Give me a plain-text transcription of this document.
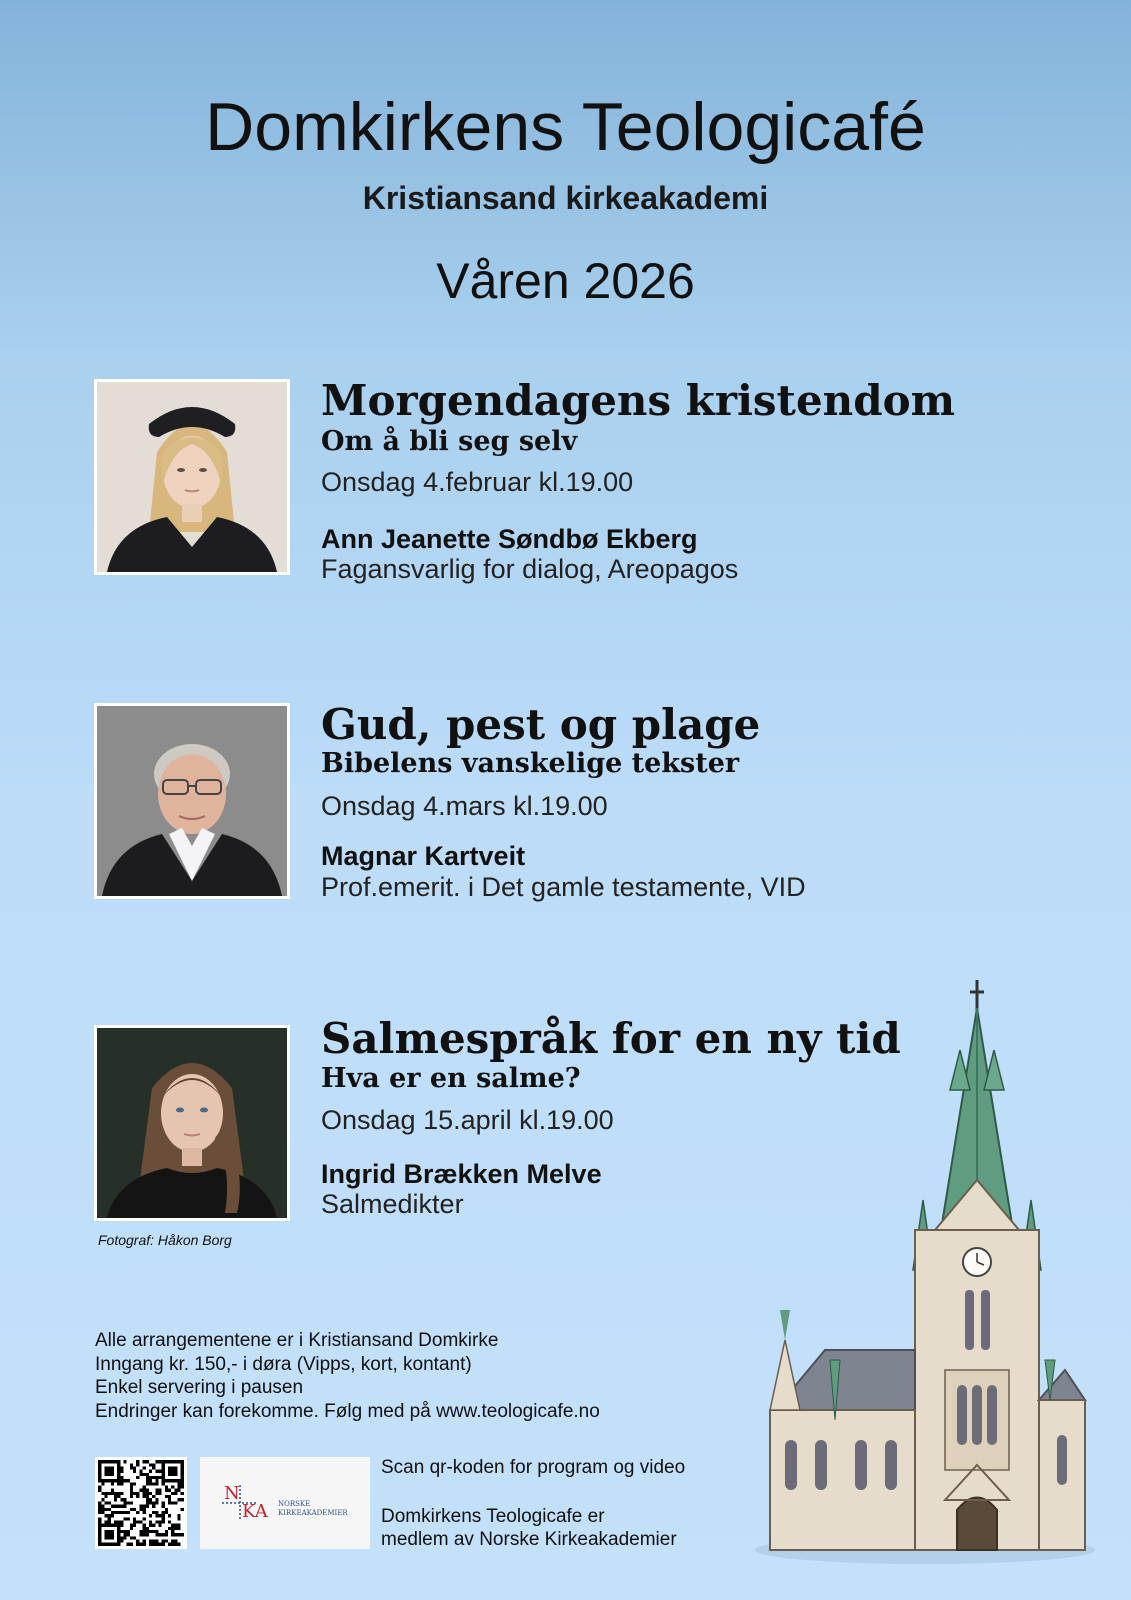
Domkirkens Teologicafé
Kristiansand kirkeakademi
Våren 2026
Morgendagens kristendom
Om å bli seg selv
Onsdag 4.februar kl.19.00
Ann Jeanette Søndbø Ekberg
Fagansvarlig for dialog, Areopagos
Gud, pest og plage
Bibelens vanskelige tekster
Onsdag 4.mars kl.19.00
Magnar Kartveit
Prof.emerit. i Det gamle testamente, VID
Salmespråk for en ny tid
Hva er en salme?
Onsdag 15.april kl.19.00
Ingrid Brækken Melve
Salmedikter
Fotograf: Håkon Borg
Alle arrangementene er i Kristiansand Domkirke
Inngang kr. 150,- i døra (Vipps, kort, kontant)
Enkel servering i pausen
Endringer kan forekomme. Følg med på www.teologicafe.no
N
KA NORSKE
KIRKEAKADEMIER
Scan qr-koden for program og video
Domkirkens Teologicafe er
medlem av Norske Kirkeakademier
